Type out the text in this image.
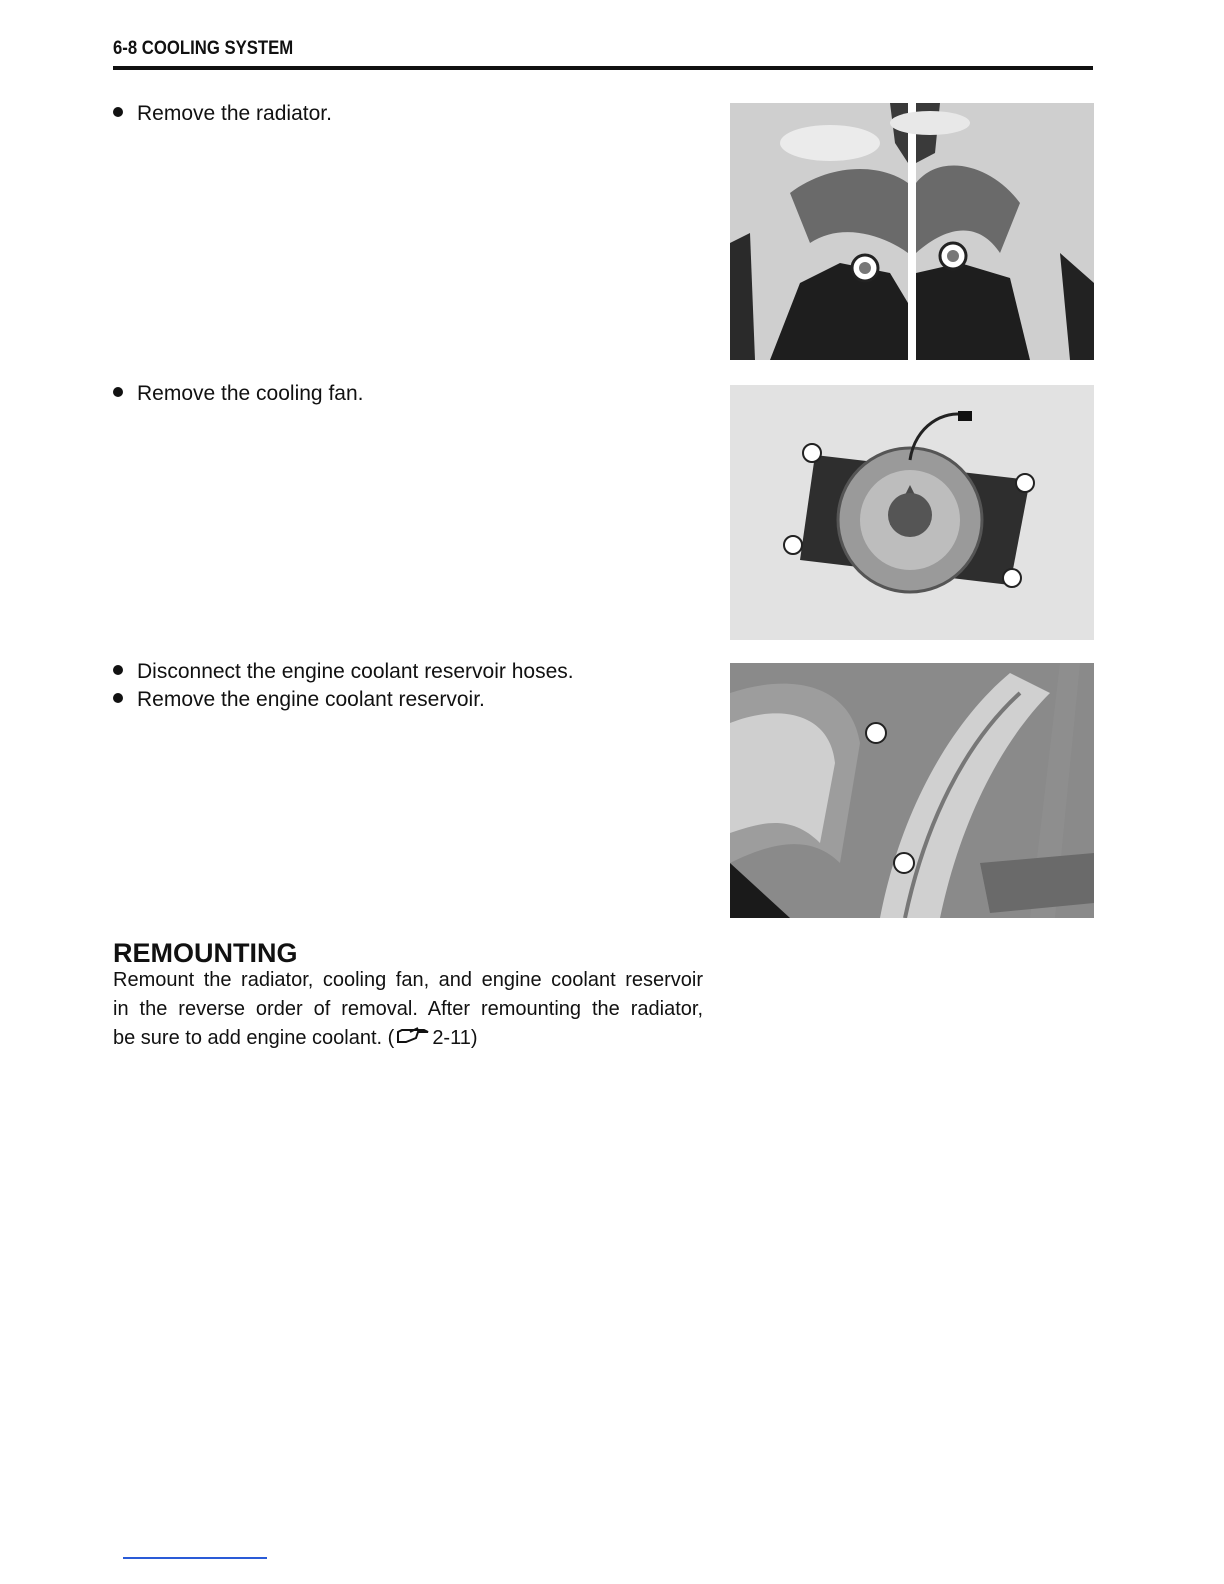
6-8 COOLING SYSTEM
Remove the radiator.
Remove the cooling fan.
Disconnect the engine coolant reservoir hoses.
Remove the engine coolant reservoir.
REMOUNTING
Remount the radiator, cooling fan, and engine coolant reservoir
in the reverse order of removal. After remounting the radiator,
be sure to add engine coolant. ( 2-11)
